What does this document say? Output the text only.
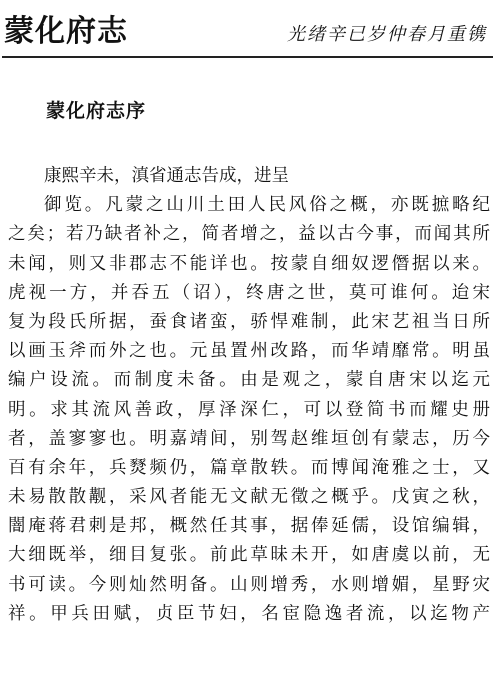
蒙化府志	光绪辛已岁仲春月重镌
蒙化府志序
康熙辛未，滇省通志告成，进呈
御览。凡蒙之山川土田人民风俗之概，亦既摭略纪
之矣；若乃缺者补之，简者增之，益以古今事，而闻其所
未闻，则又非郡志不能详也。按蒙自细奴逻僭据以来。
虎视一方，并吞五（诏），终唐之世，莫可谁何。迨宋
复为段氏所据，蚕食诸蛮，骄悍难制，此宋艺祖当日所
以画玉斧而外之也。元虽置州改路，而华靖靡常。明虽
编户设流。而制度未备。由是观之，蒙自唐宋以迄元
明。求其流风善政，厚泽深仁，可以登简书而耀史册
者，盖寥寥也。明嘉靖间，别驾赵维垣创有蒙志，历今
百有余年，兵燹频仍，篇章散轶。而博闻淹雅之士，又
未易散散觏，采风者能无文献无徵之概乎。戊寅之秋，
闇庵蒋君刺是邦，概然任其事，据俸延儒，设馆编辑，
大细既举，细目复张。前此草昧未开，如唐虞以前，无
书可读。今则灿然明备。山则增秀，水则增媚，星野灾
祥。甲兵田赋，贞臣节妇，名宦隐逸者流，以迄物产
